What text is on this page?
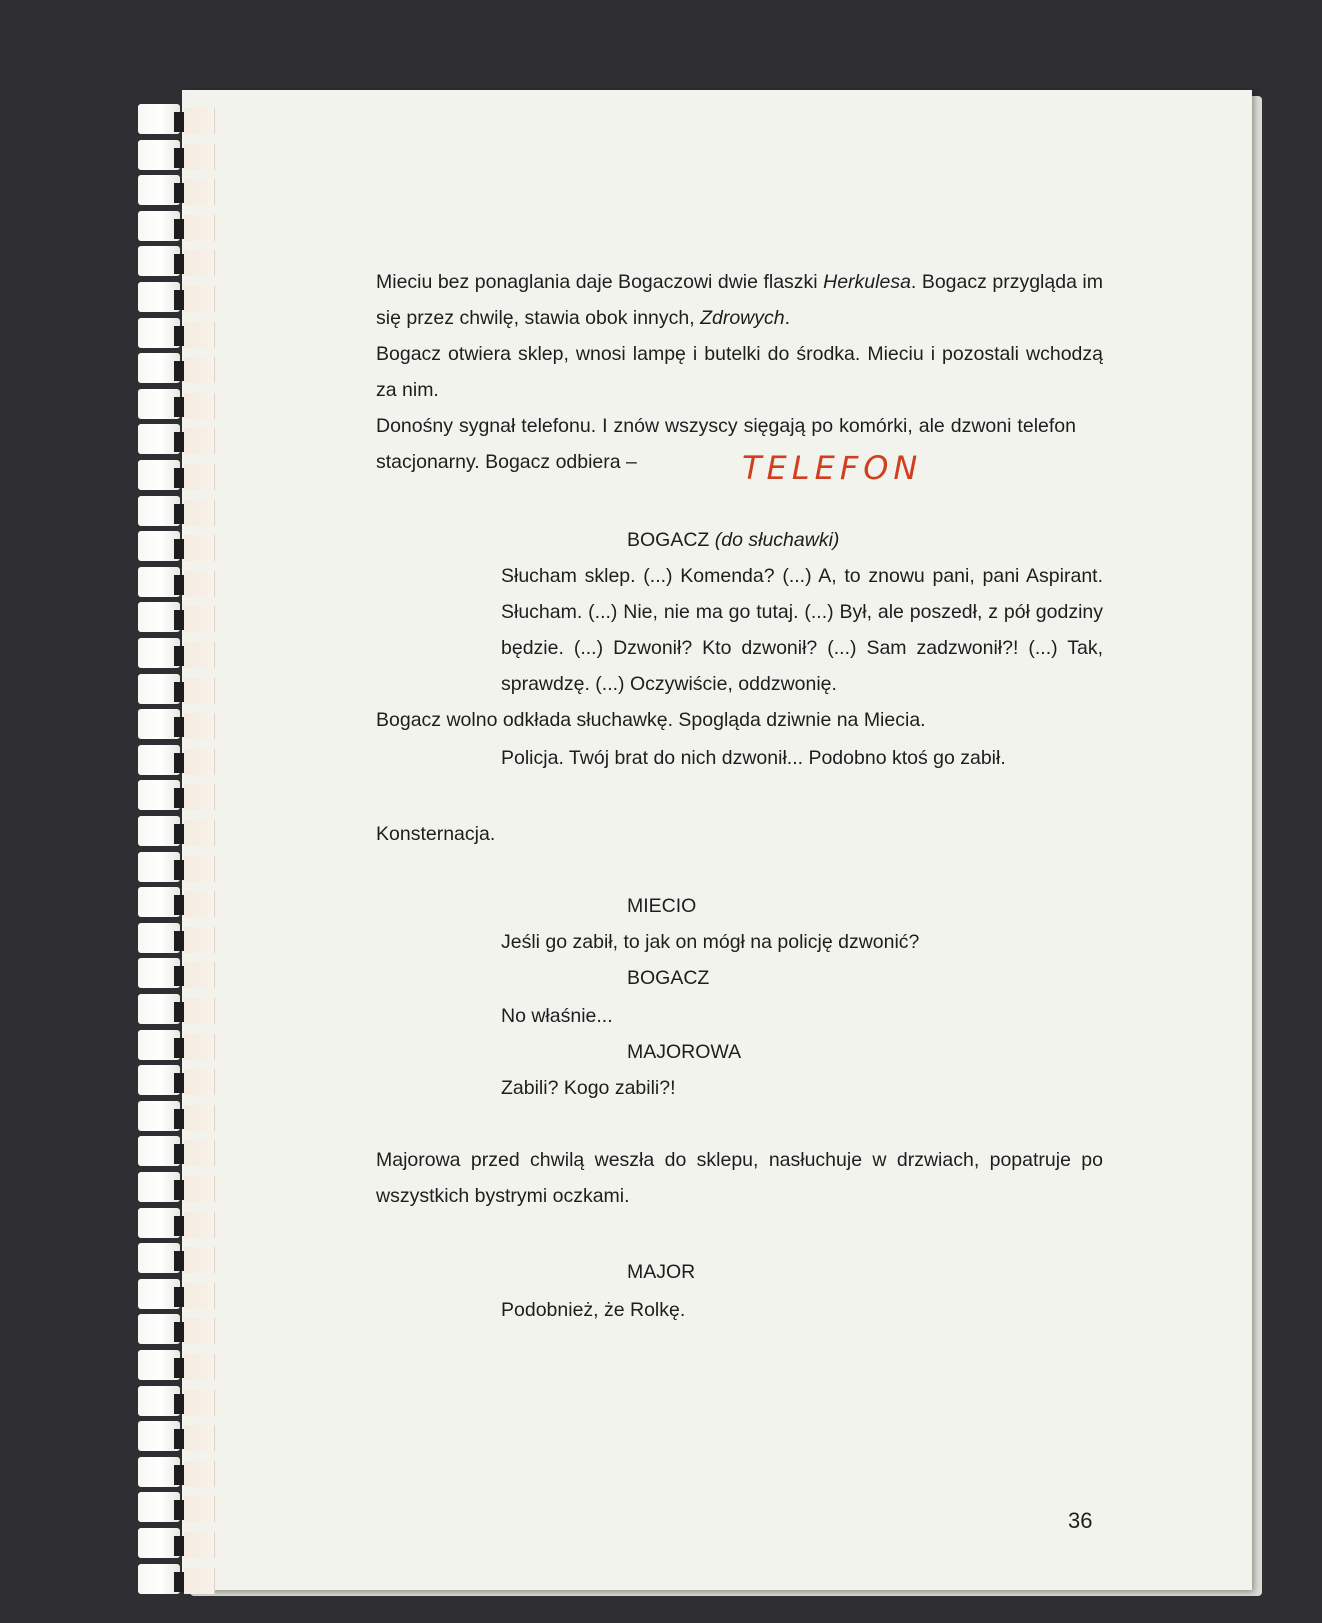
Mieciu bez ponaglania daje Bogaczowi dwie flaszki Herkulesa. Bogacz przygląda im się przez chwilę, stawia obok innych, Zdrowych.
Bogacz otwiera sklep, wnosi lampę i butelki do środka. Mieciu i pozostali wchodzą za nim.
Donośny sygnał telefonu. I znów wszyscy sięgają po komórki, ale dzwoni telefon stacjonarny. Bogacz odbiera –	TELEFON
BOGACZ (do słuchawki)
Słucham sklep. (...) Komenda? (...) A, to znowu pani, pani Aspirant. Słucham. (...) Nie, nie ma go tutaj. (...) Był, ale poszedł, z pół godziny będzie. (...) Dzwonił? Kto dzwonił? (...) Sam zadzwonił?! (...) Tak, sprawdzę. (...) Oczywiście, oddzwonię.
Bogacz wolno odkłada słuchawkę. Spogląda dziwnie na Miecia.
Policja. Twój brat do nich dzwonił... Podobno ktoś go zabił.
Konsternacja.
MIECIO
Jeśli go zabił, to jak on mógł na policję dzwonić?
BOGACZ
No właśnie...
MAJOROWA
Zabili? Kogo zabili?!
Majorowa przed chwilą weszła do sklepu, nasłuchuje w drzwiach, popatruje po wszystkich bystrymi oczkami.
MAJOR
Podobnież, że Rolkę.
36
